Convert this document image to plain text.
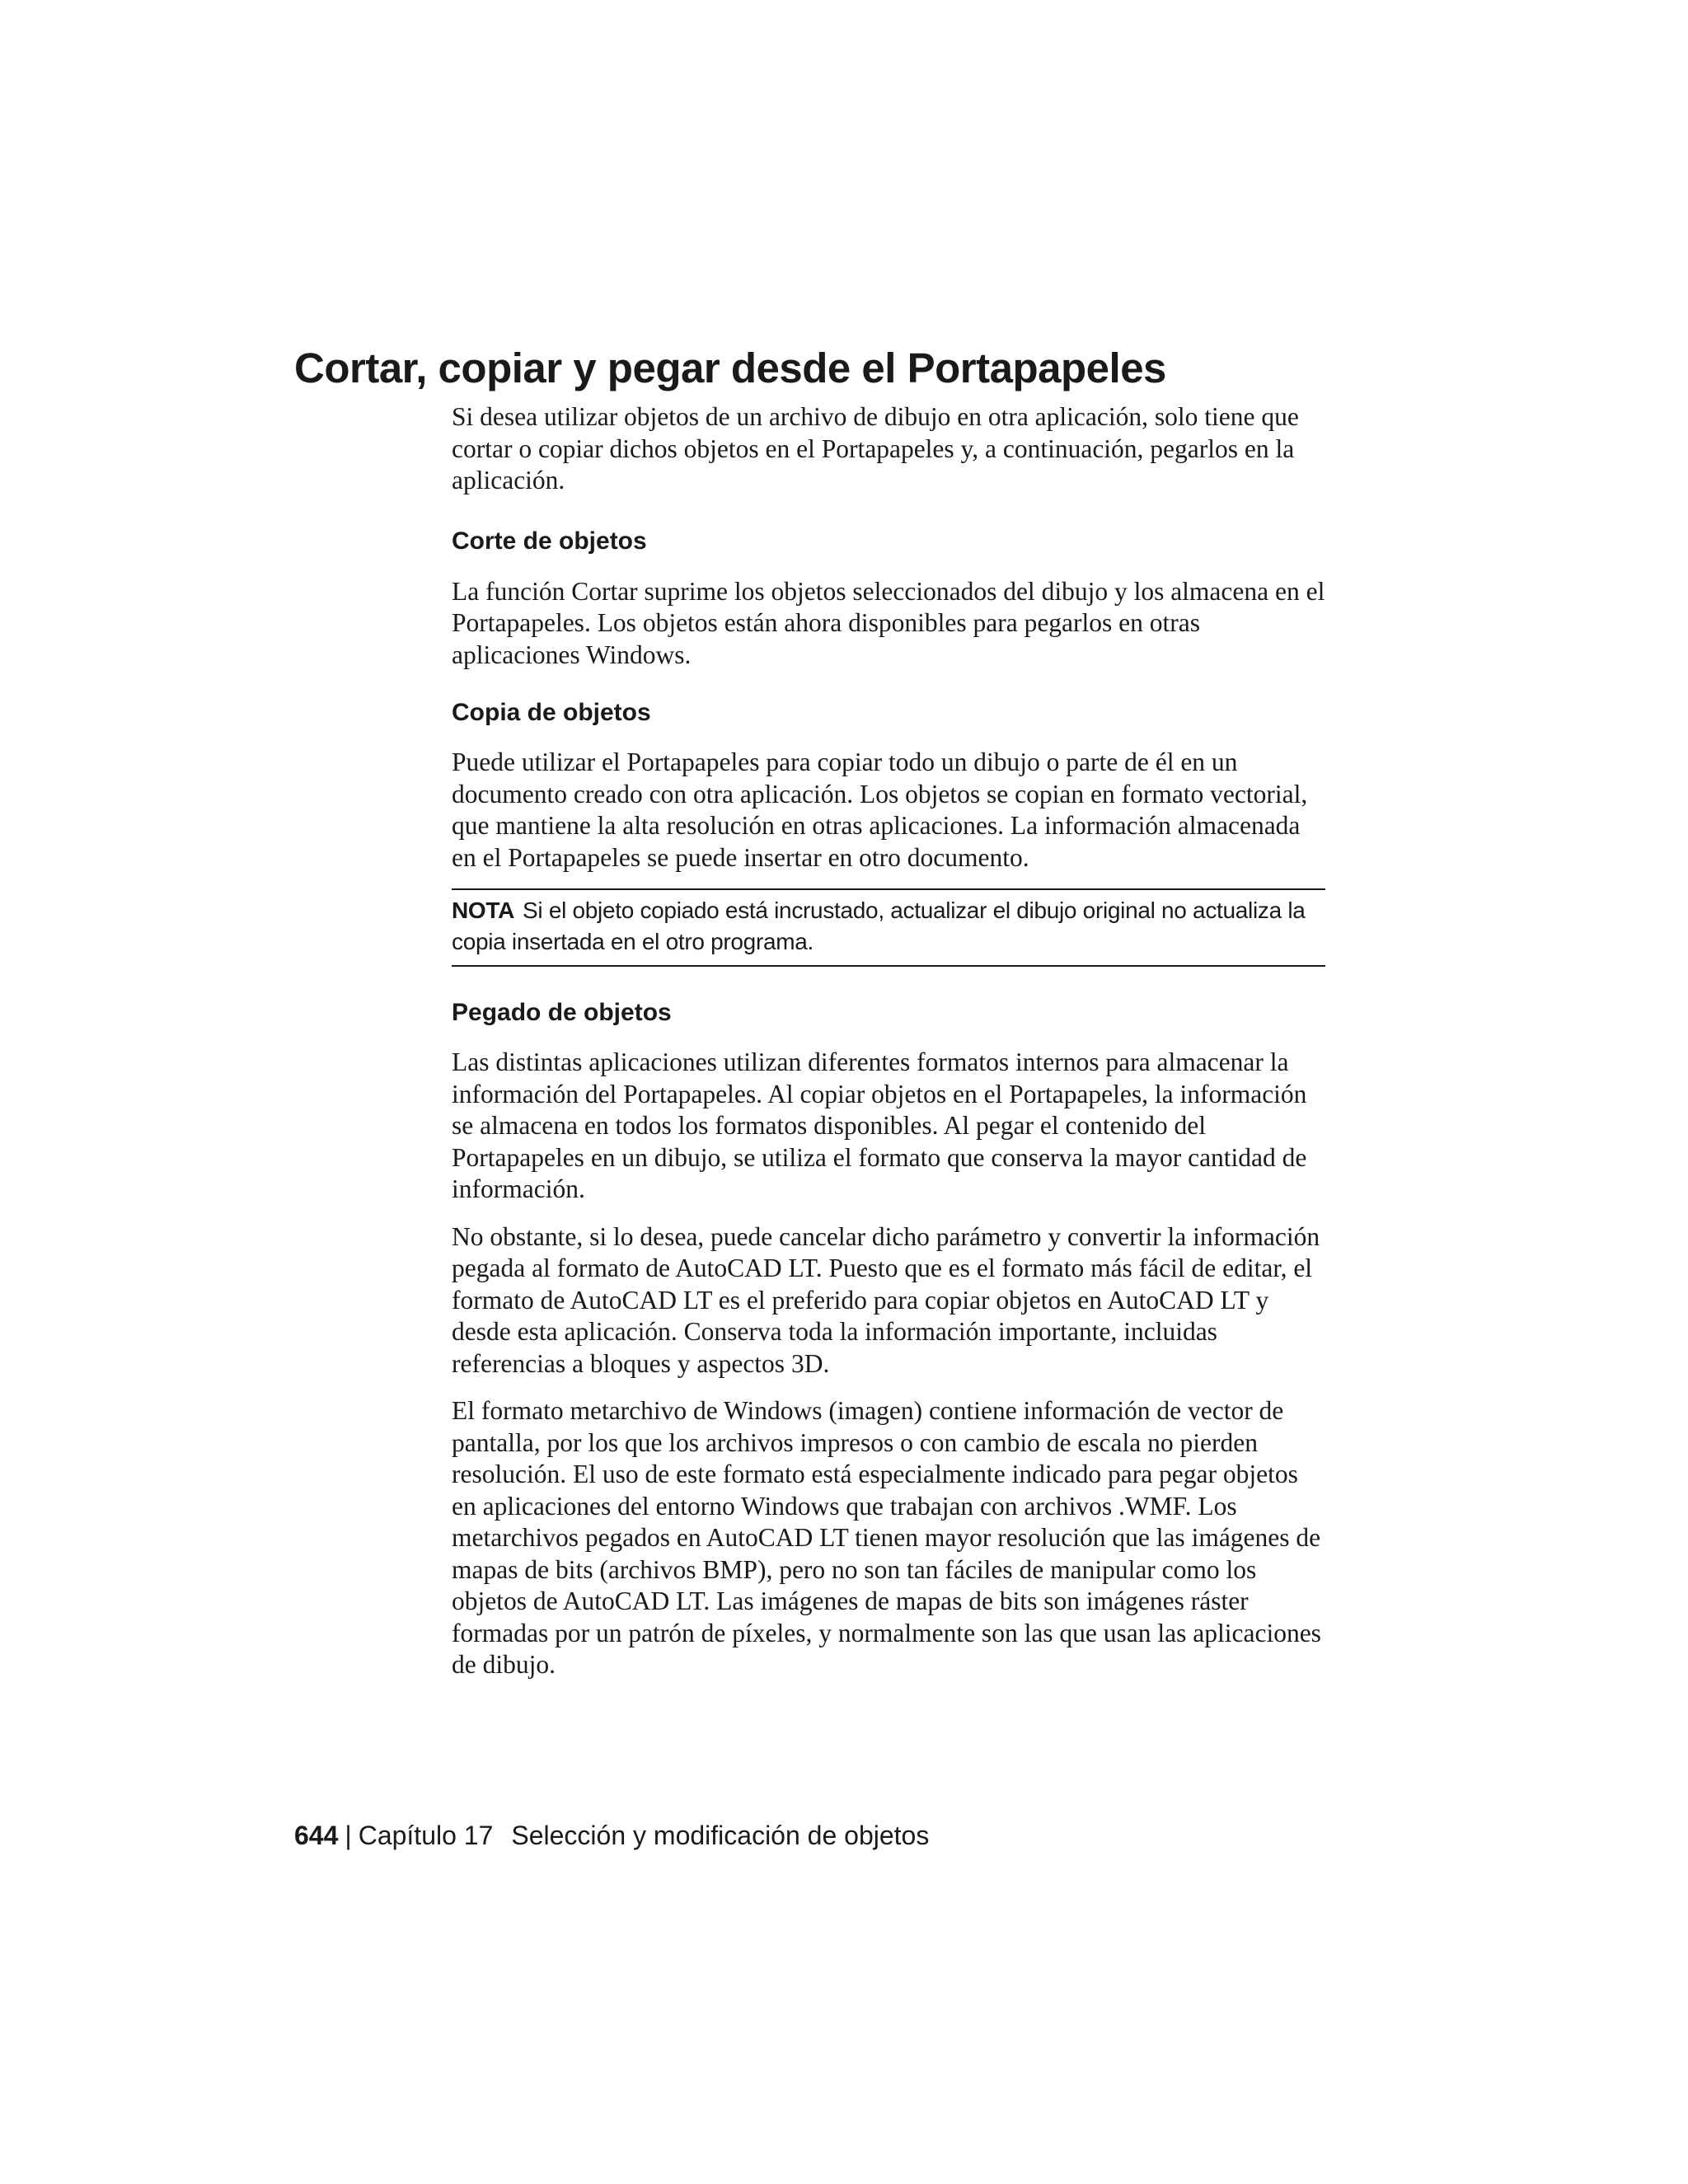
Cortar, copiar y pegar desde el Portapapeles

Si desea utilizar objetos de un archivo de dibujo en otra aplicación, solo tiene que cortar o copiar dichos objetos en el Portapapeles y, a continuación, pegarlos en la aplicación.

Corte de objetos

La función Cortar suprime los objetos seleccionados del dibujo y los almacena en el Portapapeles. Los objetos están ahora disponibles para pegarlos en otras aplicaciones Windows.

Copia de objetos

Puede utilizar el Portapapeles para copiar todo un dibujo o parte de él en un documento creado con otra aplicación. Los objetos se copian en formato vectorial, que mantiene la alta resolución en otras aplicaciones. La información almacenada en el Portapapeles se puede insertar en otro documento.

NOTA Si el objeto copiado está incrustado, actualizar el dibujo original no actualiza la copia insertada en el otro programa.
Pegado de objetos

Las distintas aplicaciones utilizan diferentes formatos internos para almacenar la información del Portapapeles. Al copiar objetos en el Portapapeles, la información se almacena en todos los formatos disponibles. Al pegar el contenido del Portapapeles en un dibujo, se utiliza el formato que conserva la mayor cantidad de información.

No obstante, si lo desea, puede cancelar dicho parámetro y convertir la información pegada al formato de AutoCAD LT. Puesto que es el formato más fácil de editar, el formato de AutoCAD LT es el preferido para copiar objetos en AutoCAD LT y desde esta aplicación. Conserva toda la información importante, incluidas referencias a bloques y aspectos 3D.

El formato metarchivo de Windows (imagen) contiene información de vector de pantalla, por los que los archivos impresos o con cambio de escala no pierden resolución. El uso de este formato está especialmente indicado para pegar objetos en aplicaciones del entorno Windows que trabajan con archivos .WMF. Los metarchivos pegados en AutoCAD LT tienen mayor resolución que las imágenes de mapas de bits (archivos BMP), pero no son tan fáciles de manipular como los objetos de AutoCAD LT. Las imágenes de mapas de bits son imágenes ráster formadas por un patrón de píxeles, y normalmente son las que usan las aplicaciones de dibujo.

644 | Capítulo 17 Selección y modificación de objetos
